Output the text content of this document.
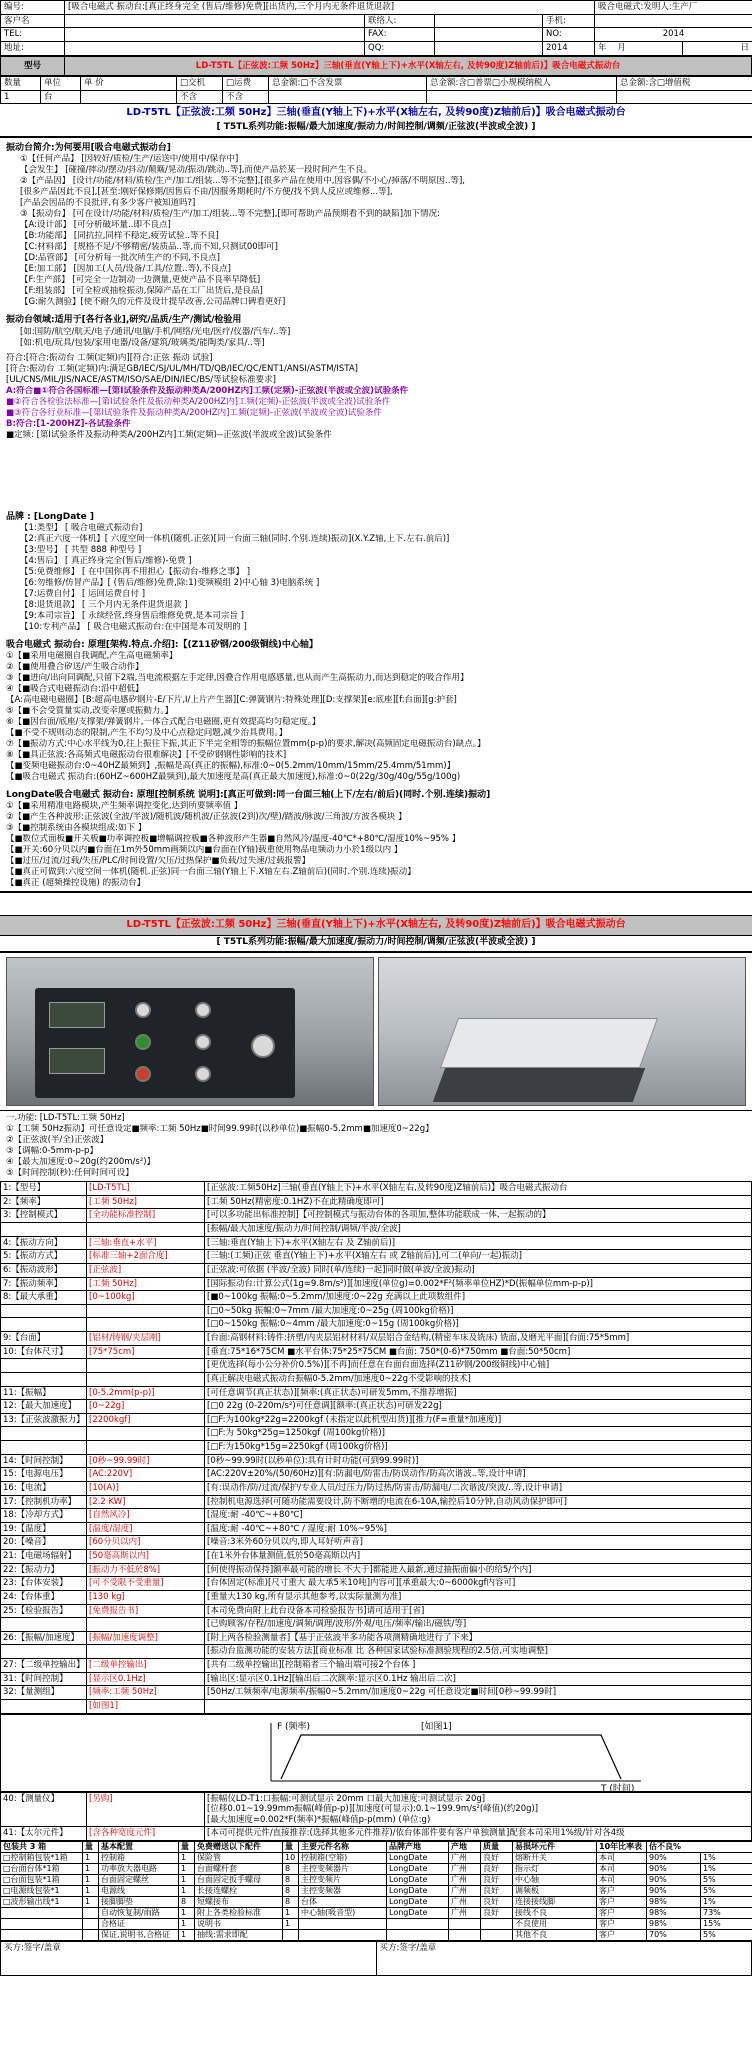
编号:	[吸合电磁式 振动台:[真正终身完全 (售后/维修)免费][出货内,三个月内无条件退货退款]				吸合电磁式:发明人:生产厂	
客户名		联络人:		手机:		
TEL:		FAX:		NO:	2014	
地址:		QQ:		2014	年 月	日
型号	LD-T5TL【正弦波:工频 50Hz】三轴(垂直(Y轴上下)+水平(X轴左右, 及转90度)Z轴前后)】吸合电磁式振动台
数量	单位	单 价	□交机	□运费	总金额:□不含发票	总金额:含□普票□小规模纳税人	总金额:含□增值税
1	台		不含	不含			
LD-T5TL【正弦波:工频 50Hz】三轴(垂直(Y轴上下)+水平(X轴左右, 及转90度)Z轴前后)】吸合电磁式振动台
[ T5TL系列功能:振幅/最大加速度/振动力/时间控制/调频/正弦波(半波或全波) ]
振动台简介:为何要用[吸合电磁式振动台]
①【任何产品】 [因较好/质检/生产/运送中/使用中/保存中]
【会发生】 [碰撞/摔动/摆动/抖动/颠簸/晃动/振动/跳动..等],而使产品於某一段时间产生不良。
②【产品因】 [设计/功能/材料/质检/生产/加工/组装...等不完整],[很多产品在使用中,因容偶/不小心/掉落/不明原因..等],
[很多产品因此不良],[甚至:刚好保修期/因售后不由/因服务期耗时/不方便/找不到人反应或维修...等],
[产品会因品的不良批评,有多少客户被知道吗?]
③【振动台】 [可在设计/功能/材料/质检/生产/加工/组装...等不完整],[即可帮助产品预期看不到的缺陷]加下情况:
【A:设计部】 [可分析破坏量..即不良点]
【B:功能部】 [同抗拉,同样不稳定,疲劳试验..等不良]
【C:材料部】 [规格不足/不够精密/装质品..等,而不知,只测试00即可]
【D:品管部】 [可分析每一批次所生产的不同,不良点]
【E:加工部】 [因加工(人员/设备/工具/位置..等),不良点]
【F:生产部】 [可完全一边制动一边测量,更使产品不良率早降低]
【F:组装部】 [可全检或抽检振动,保障产品在工厂出货后,是良品]
【G:耐久测验】[使不耐久的元件及设计提早改善,公司品牌口碑看更好]
振动台领域:适用于[各行各业],研究/品质/生产/测试/检验用
[如:国防/航空/航天/电子/通讯/电脑/手机/网络/光电/医疗/仪器/汽车/..等]
[如:机电/玩具/包装/家用电器/设备/建筑/玻璃类/能陶类/家具/..等]
符合:[符合:振动台 工频(定频)内][符合:正弦 振动 试验]
[符合:振动台 工频(定频)内:满足GB/IEC/SJ/UL/MH/TD/QB/IEC/QC/ENT1/ANSI/ASTM/ISTA]
[UL/CNS/MIL/JIS/NACE/ASTM/ISO/SAE/DIN/IEC/BS/等试验标准要求]
A:符合■①符合各国标准—[第Ⅰ试验条件及振动种类A/200HZ内]工频(定频)-正弦波(半波或全波)试验条件
■②符合各检验法标准—[第Ⅰ试验条件及振动种类A/200HZ内]工频(定频)-正弦波(半波或全波)试验条件
■③符合各行业标准—[第Ⅰ试验条件及振动种类A/200HZ内]工频(定频)-正弦波(半波或全波)试验条件
B:符合:[1-200HZ]-各试验条件
■定频: [第Ⅰ试验条件及振动种类A/200HZ内]工频(定频)--正弦波(半波或全波)试验条件
品牌 : [LongDate ]
【1:类型】 [ 吸合电磁式振动台]
【2:真正六度一体机】[ 六度空间一体机(随机.正弦)[同一台面三轴(同时.个别.连续)振动](X.Y.Z轴,上下.左右.前后)]
【3:型号】 [ 共型 888 种型号 ]
【4:售后】 [ 真正终身完全(售后/维修)-免费 ]
【5:免费维修】 [ 在中国你再不用担心【振动台-维修之事】 ]
【6:勿维修/仿冒产品】[ (售后/维修)免费,除:1)变频模组 2)中心轴 3)电脑系统 ]
【7:运费自付】 [ 运回运费自付 ]
【8:退货退款】 [ 三个月内无条件退货退款 ]
【9:本司宗旨】 [ 永续经营,终身售后维修免费,是本司宗旨 ]
【10:专利产品】 [ 吸合电磁式振动台:在中国是本司发明的 ]
吸合电磁式 振动台: 原理[架构.特点.介绍]:【(Z11矽钢/200级铜线)中心轴】
①【■采用电磁圈自我调配,产生高电磁频率】
②【■使用叠合矽送/产生吸合动作】
③【■进向/出向同调配,只留下2端,当电流根据左手定律,因叠合作用电感感量,也从而产生高振动力,而达到稳定的吸合作用】
④【■吸合式电磁振动台:沿中超低】
【A:高电磁电磁圈】[B:超高电感矽钢片-E/下片,I/上片产生器][C:弹簧钢片:特殊处理][D:支撑架][e:底座][f:台面][g:护套]
⑤【■不会受質量实动,改变幸運或振動力。】
⑥【■因台面/底座/支撑架/弹簧钢片,一体合式配合电磁圈,更有效提高均匀稳定度。】
【■不受不规则动态的限制,产生不均匀及中心点稳定问题,减少治具费用。】
⑦【■振动方式:中心水平线为0,往上振往下振,其正下半完全相等的振幅位置mm(p-p)的要求,解决(高频固定电磁振动台)缺点。】
⑧【■具正弦波:各高频式电磁振动台很难解决】[不受矽钢钢性影响的技术]
【■变频电磁振动台:0~40HZ最频到】,振幅是高(真正的振幅),标准:0~0(5.2mm/10mm/15mm/25.4mm/51mm)】
【■吸合电磁式 振动台:(60HZ~600HZ最频到),最大加速度是高(真正最大加速度),标准:0~0(22g/30g/40g/55g/100g)
LongDate吸合电磁式 振动台: 原理[控制系统 说明]:[真正可做到:同一台面三轴(上下/左右/前后)(同时.个别.连续)振动]
①【■采用精准电路模块,产生频率调控变化,达到所要频率值 】
②【■产生各种波形:正弦波(全波/半波)/随机波/随机波/正弦波(2到)次/壁)/踏波/脉波/三角波/方波各模块 】
③【■控制系统由各模块组成:如下 】
【■数位式面板■开关板■功率调控板■增幅调控板■各种波形产生器■自然风冷/温度-40℃*+80℃/湿度10%~95% 】
【■开关:60分贝以内■台面在1m外50mm画频以内■台面在(Y轴)载重使用物品电频动力小於1级以内 】
【■过压/过流/过载/失压/PLC/时间设置/欠压/过热保护■负载/过失速/过载报警】
【■真正可做到:六度空间一体机(随机.正弦)同一台面三轴(Y轴上下.X轴左右.Z轴前后)(同时.个别.连续)振动】
【■真正 (超频操控设施) 的振动台】
LD-T5TL【正弦波:工频 50Hz】三轴(垂直(Y轴上下)+水平(X轴左右, 及转90度)Z轴前后)】吸合电磁式振动台
[ T5TL系列功能:振幅/最大加速度/振动力/时间控制/调频/正弦波(半波或全波) ]
一.功能: [LD-T5TL:工频 50Hz]
①【工频 50Hz振动】可任意设定■频率:工频 50Hz■时间99.99时(以秒单位)■振幅0-5.2mm■加速度0~22g】
②【正弦波(半/全)正弦波】
③【调幅:0-5mm-p-p】
④【最大加速度:0~20g(约200m/s²)】
⑤【时间控制(秒):任何时间可设】
1:【型号】	[LD-T5TL]	[正弦波:工频50Hz]三轴(垂直(Y轴上下)+水平(X轴左右,及转90度)Z轴前后)】吸合电磁式振动台
2:【频率】	[工频 50Hz]	[工频 50Hz(精密度:0.1HZ)不在此精确度即可]
3:【控制模式】	[全功能标准控制]	[可以多功能出标准控制]【可控制模式与振动台体的各项加,整体功能联成一体,一起振动的】
		[振幅/最大加速度/振动力/时间控制/调频/半波/全波]
4:【振动方向】	[三轴:垂直+水平]	[三轴:垂直(Y轴上下)+水平(X轴左右 及 Z轴前后)]
5:【振动方式】	[标准三轴+2面合度]	[三轴:(工频)正弦 垂直(Y轴上下)+水平(X轴左右 或 Z轴前后)],可二(单向/一起)振动]
6:【振动波形】	[正弦波]	[正弦波:可依据 (半波/全波) 同时(单/连续)一起]同时做(单波/全波)振动]
7:【振动频率】	[工频 50Hz]	[国际振动台:计算公式(1g=9.8m/s²)][加速度(单位g)=0.002*F²(频率单位HZ)*D(振幅单位mm-p-p)]
8:【最大承重】	[0~100kg]	[■0~100kg 振幅:0~5.2mm/加速度:0~22g 充满以上此项数组件]
		[□0~50kg 振幅:0~7mm /最大加速度:0~25g (周100kg价格)]
		[□0~150kg 振幅:0~4mm /最大加速度:0~15g (周100kg价格)]
9:【台面】	[铝材/铸钢/夹层刚]	[台面:高钢材料:铸件:挤塑/内夹层铝材材料/双层铝合金结构,(精密车床及铣床) 铣面,及磨光平面][台面:75*5mm]
10:【台体尺寸】	[75*75cm]	[垂直:75*16*75CM ■水平台体:75*25*75CM ■台面: 750*(0-6)*750mm ■台面:50*50cm]
		[更优选择(每小公分补价0.5%)][不再]而任意在台面台面选择(Z11矽钢/200级铜线)中心轴]
		[真正解决电磁式振动台振幅0-5.2mm/加速度0~22g不受影响的技术]
11:【振幅】	[0-5.2mm(p-p)]	[可任意调节(真正状态)][频率:(真正状态)可研发5mm,不推荐增振]
12:【最大加速度】	[0~22g]	[□0 22g (0-220m/s²)可任意调][额率:(真正状态)可研发22g]
13:【正弦波激振力】	[2200kgf]	[□F:为100kg*22g=2200kgf (未指定以此机型出货)][推力(F=重量*加速度)]
		[□F:为 50kg*25g=1250kgf (周100kg价格)]
		[□F:为150kg*15g=2250kgf (周100kg价格)]
14:【时间控制】	[0秒~99.99时]	[0秒~99.99时(以秒单位):具有计时功能(可到99.99时)]
15:【电源电压】	[AC:220V]	[AC:220V±20%/(50/60Hz)][有:防漏电/防雷击/防误动作/防高次谐波..等,设计申请]
16:【电流】	[10(A)]	[有:误动作/防/过流/保护/专业人员/过压力/防过热/防雷击/防漏电/二次谐波/突波/..等,设计申请]
17:【控制机功率】	[2.2 KW]	[控制机电源选择(可随功能需要设计,防不断增的电流在6-10A,输控后10分钟,自动风动保护即可]
18:【冷却方式】	[自然风冷]	[湿度:耐 -40℃~+80℃]
19:【温度】	[温度/湿度]	[温度:耐 -40℃~+80℃ / 湿度:耐 10%~95%]
20:【噪音】	[60分贝以内]	[噪音:3米外60分贝以内,即人耳好听声音]
21:【电磁场辐射】	[50毫高斯以内]	[在1米外台体量测值,低於50毫高斯以内]
22:【振动力】	[振动力不低於8%]	[何使得振动保持]额率最可能的增长 不大于]都能进入最新,通过抽振面偏小的给5/个内]
23:【台体安装】	[可不受限不受重量]	[台体固定(标准)[尺寸重大 最大承5米10吨]内容可][承重最大:0~6000kgf内容可]
24:【台体重】	[130 kg]	[重量大130 kg,所有显示其他参考,以实际量测为准]
25:【检验报告】	[免费报告书]	[本司免费向附上此台设备本司检验报告书]请可适用于[省]
		[已购顾客/存程/加速度/调频/调理/波形/外观/电压/频率/输出/磁铁/等]
26:【振幅/加速度】	[振幅/加速度调整]	[附上两各检验测量者]【基于正弦波半多功能各项测精确地进行了下来】
		[振动台监测功能的安装方法][商业标准 比 各种国家试验标准测验规程的2.5倍,可实地调整]
27:【二级单控输出】	[二级单控输出]	[共有二级单控输出][控制箱者三个输出端可接2个台体 ]
31:【时间控制】	[显示区0.1Hz]	[输出区:显示区0.1Hz][输出后二次额率:显示区0.1Hz 输出后二次]
32:【量测组】	[频率:工频 50Hz]	[50Hz/工频频率/电源频率/振幅0~5.2mm/加速度0~22g 可任意设定■时间[0秒~99.99时]
	[如图1]	
F (频率)	[如图1]
T (时间)
40:【测量仪】	[另购]	[振幅仪LD-T1:口振幅:可测试显示 20mm 口最大加速度:可测试显示 20g]
[位移0.01~19.99mm振幅(峰值p-p)][加速度(可显示):0.1~199.9m/s²(峰值)(约20g)]
[最大加速度=0.002*F(频率)*振幅(峰值p-p(mm) (单位:g)

41:【太尔元件】	[含各种宽度元件]	[本司可提供元件/直接推荐:(选择其他多元件推荐)/依台体部件要有客户单独测量]配套本司采用1%级/针对各4级
包装共 3 箱	量	基本配置	量	免费赠送以下配件	量	主要元件名称	品牌产地	产地	质量	易损坏元件	10年比率表	估不良%	
□控制箱包装*1箱	1	控制箱	1	保险管	10	控制箱(空箱)	LongDate	广州	良好	熔断开关	本司	90%	1%
□台面台体*1箱	1	功率放大器电路	1	台面螺杆套	8	主控变频器片	LongDate	广州	良好	指示灯	本司	90%	1%
□台面包装*1箱	1	台面固定螺丝	1	台面固定扳手螺母	8	主控变频片	LongDate	广州	良好	中心轴	本司	90%	5%
□电源线包装*1	1	电源线	1	长接连螺栓	8	主控变频器	LongDate	广州	良好	调频板	客户	90%	5%
□波形输出线*1	1	接脚脚垫	8	短螺接布	8	台体	LongDate	广州	良好	连接接线脚	客户	98%	1%
		自动恢复制/雨路	1	附上各类检验标准	1	中心轴(吸音型)	LongDate	广州	良好	接线不良	客户	98%	73%
		合格证	1	说明书	1					不良使用	客户	98%	15%
		保证,说明书,合格证	1	抽线:需求即配						其他不良	客户	70%	5%
买方:签字/盖章	买方:签字/盖章
